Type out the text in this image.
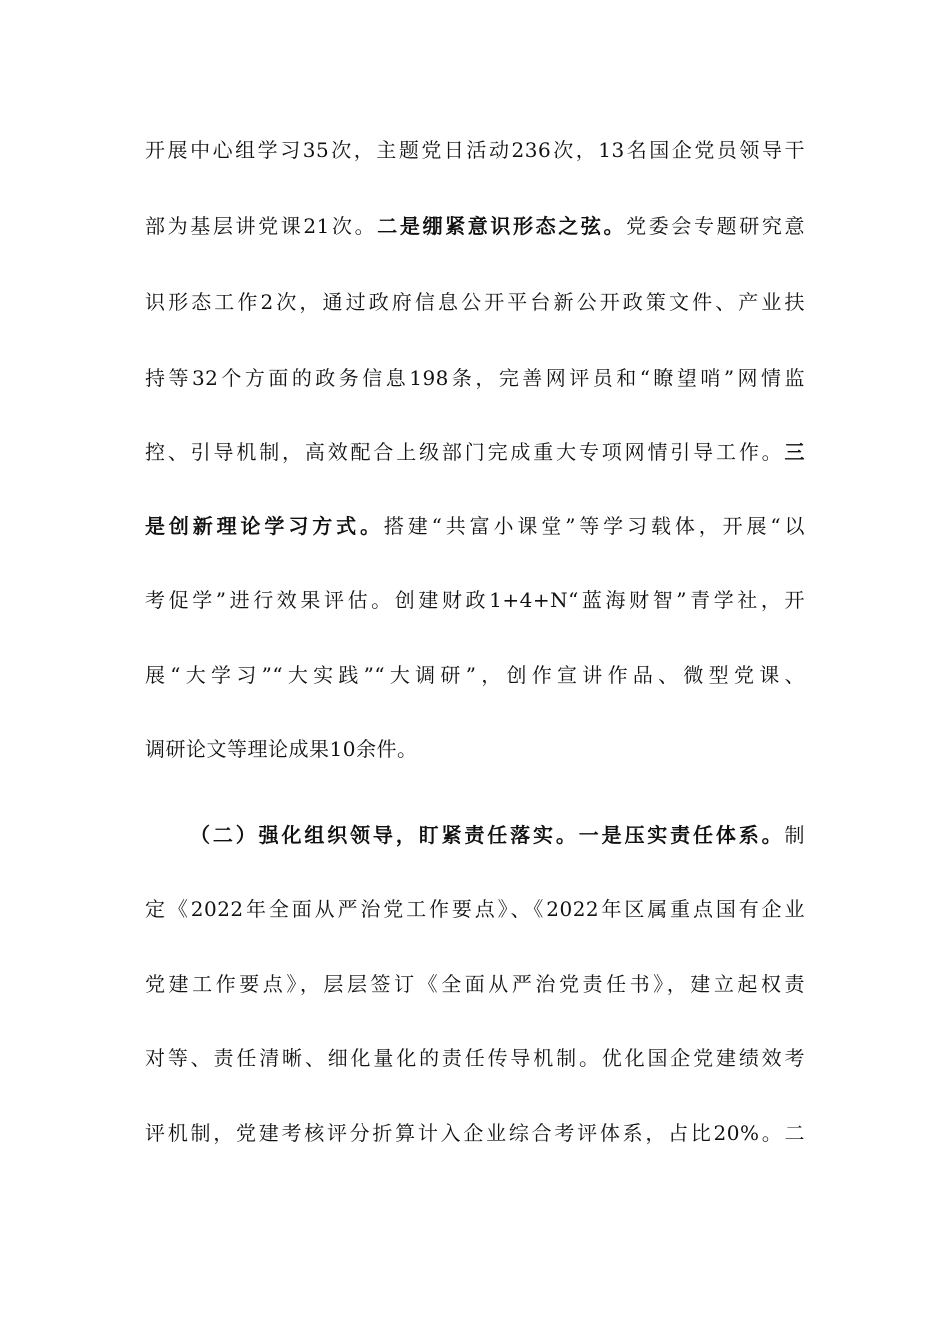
开展中心组学习35次，主题党日活动236次，13名国企党员领导干
部为基层讲党课21次。二是绷紧意识形态之弦。党委会专题研究意
识形态工作2次，通过政府信息公开平台新公开政策文件、产业扶
持等32个方面的政务信息198条，完善网评员和“瞭望哨”网情监
控、引导机制，高效配合上级部门完成重大专项网情引导工作。三
是创新理论学习方式。搭建“共富小课堂”等学习载体，开展“以
考促学”进行效果评估。创建财政1+4+N“蓝海财智”青学社，开
展“大学习”“大实践”“大调研”，创作宣讲作品、微型党课、
调研论文等理论成果10余件。
（二）强化组织领导，盯紧责任落实。一是压实责任体系。制
定《2022年全面从严治党工作要点》、《2022年区属重点国有企业
党建工作要点》，层层签订《全面从严治党责任书》，建立起权责
对等、责任清晰、细化量化的责任传导机制。优化国企党建绩效考
评机制，党建考核评分折算计入企业综合考评体系，占比20%。二
